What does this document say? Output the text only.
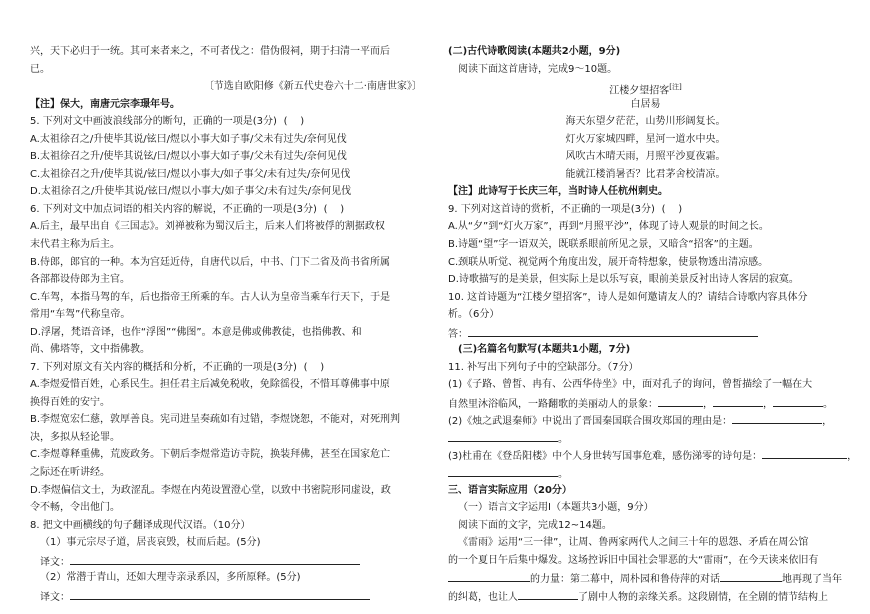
兴，天下必归于一统。其可来者来之，不可者伐之：借伪假祠，期于扫清一平而后
已。
〔节选自欧阳修《新五代史卷六十二·南唐世家》〕
【注】保大，南唐元宗李璟年号。
5. 下列对文中画波浪线部分的断句，正确的一项是(3分) (    )
A.太祖徐召之/升使毕其说/铉曰/煜以小事大如子事/父未有过失/奈何见伐
B.太祖徐召之升/使毕其说铉/曰/煜以小事大如子事/父未有过失/奈何见伐
C.太祖徐召之升/使毕其说/铉曰/煜以小事大/如子事父/未有过失/奈何见伐
D.太祖徐召之/升使毕其说/铉曰/煜以小事大/如子事父/未有过失/奈何见伐
6. 下列对文中加点词语的相关内容的解说，不正确的一项是(3分) (    )
A.后主，最早出自《三国志》。刘禅被称为蜀汉后主，后来人们将被俘的割据政权
末代君主称为后主。
B.侍郎，郎官的一种。本为宫廷近侍，自唐代以后，中书、门下二省及尚书省所属
各部都设侍郎为主官。
C.车驾，本指马驾的车，后也指帝王所乘的车。古人认为皇帝当乘车行天下，于是
常用“车驾”代称皇帝。
D.浮屠，梵语音译，也作“浮图”“佛图”。本意是佛或佛教徒，也指佛教、和
尚、佛塔等，文中指佛教。
7. 下列对原文有关内容的概括和分析，不正确的一项是(3分) (    )
A.李煜爱惜百姓，心系民生。担任君主后减免税收，免除徭役，不惜耳尊佛事中原
换得百姓的安宁。
B.李煜宽宏仁慈，敦厚善良。宪司进呈奏疏如有过错，李煜饶恕，不能对，对死刑判
决，多拟从轻论罪。
C.李煜尊释重佛，荒废政务。下朝后李煜常造访寺院，换装拜佛，甚至在国家危亡
之际还在听讲经。
D.李煜偏信文士，为政涩乱。李煜在内苑设置澄心堂，以致中书密院形同虚设，政
令不畅，令出他门。
8. 把文中画横线的句子翻译成现代汉语。（10分）
（1）事元宗尽子道，居丧哀毁，杖而后起。(5分)
译文：
（2）常潜于青山，还如大理寺亲录系囚，多所原释。(5分)
译文：
(二)古代诗歌阅读(本题共2小题，9分)
阅读下面这首唐诗，完成9～10题。
江楼夕望招客[注]
白居易
海天东望夕茫茫，山势川形阔复长。
灯火万家城四畔，星河一道水中央。
风吹古木晴天雨，月照平沙夏夜霜。
能就江楼消暑否？比君茅舍校清凉。
【注】此诗写于长庆三年，当时诗人任杭州刺史。
9. 下列对这首诗的赏析，不正确的一项是(3分) (    )
A.从“夕”到“灯火万家”，再到“月照平沙”，体现了诗人观景的时间之长。
B.诗题“望”字一语双关，既联系眼前所见之景，又暗含“招客”的主题。
C.颈联从听觉、视觉两个角度出发，展开奇特想象，使景物透出清凉感。
D.诗歌描写的是美景，但实际上是以乐写哀，眼前美景反衬出诗人客居的寂寞。
10. 这首诗题为“江楼夕望招客”，诗人是如何邀请友人的？请结合诗歌内容具体分
析。（6分）
答：
(三)名篇名句默写(本题共1小题，7分)
11. 补写出下列句子中的空缺部分。（7分）
(1)《子路、曾皙、冉有、公西华侍坐》中，面对孔子的询问，曾皙描绘了一幅在大
自然里沐浴临风，一路翻歌的美丽动人的景象：	，	，	。
(2)《烛之武退秦师》中说出了晋国秦国联合围攻郑国的理由是：	，
。
(3)杜甫在《登岳阳楼》中个人身世转写国事危难，感伤涕零的诗句是：	，
。
三、语言实际应用（20分）
（一）语言文字运用Ⅰ（本题共3小题，9分）
阅读下面的文字，完成12~14题。
《雷雨》运用“三一律”，让周、鲁两家两代人之间三十年的恩怨、矛盾在周公馆
的一个夏日午后集中爆发。这场控诉旧中国社会罪恶的大“雷雨”，在今天读来依旧有
的力量：第二幕中，周朴园和鲁侍萍的对话	地再现了当年
的纠葛，也让人	了剧中人物的亲缘关系。这段剧情，在全剧的情节结构上
